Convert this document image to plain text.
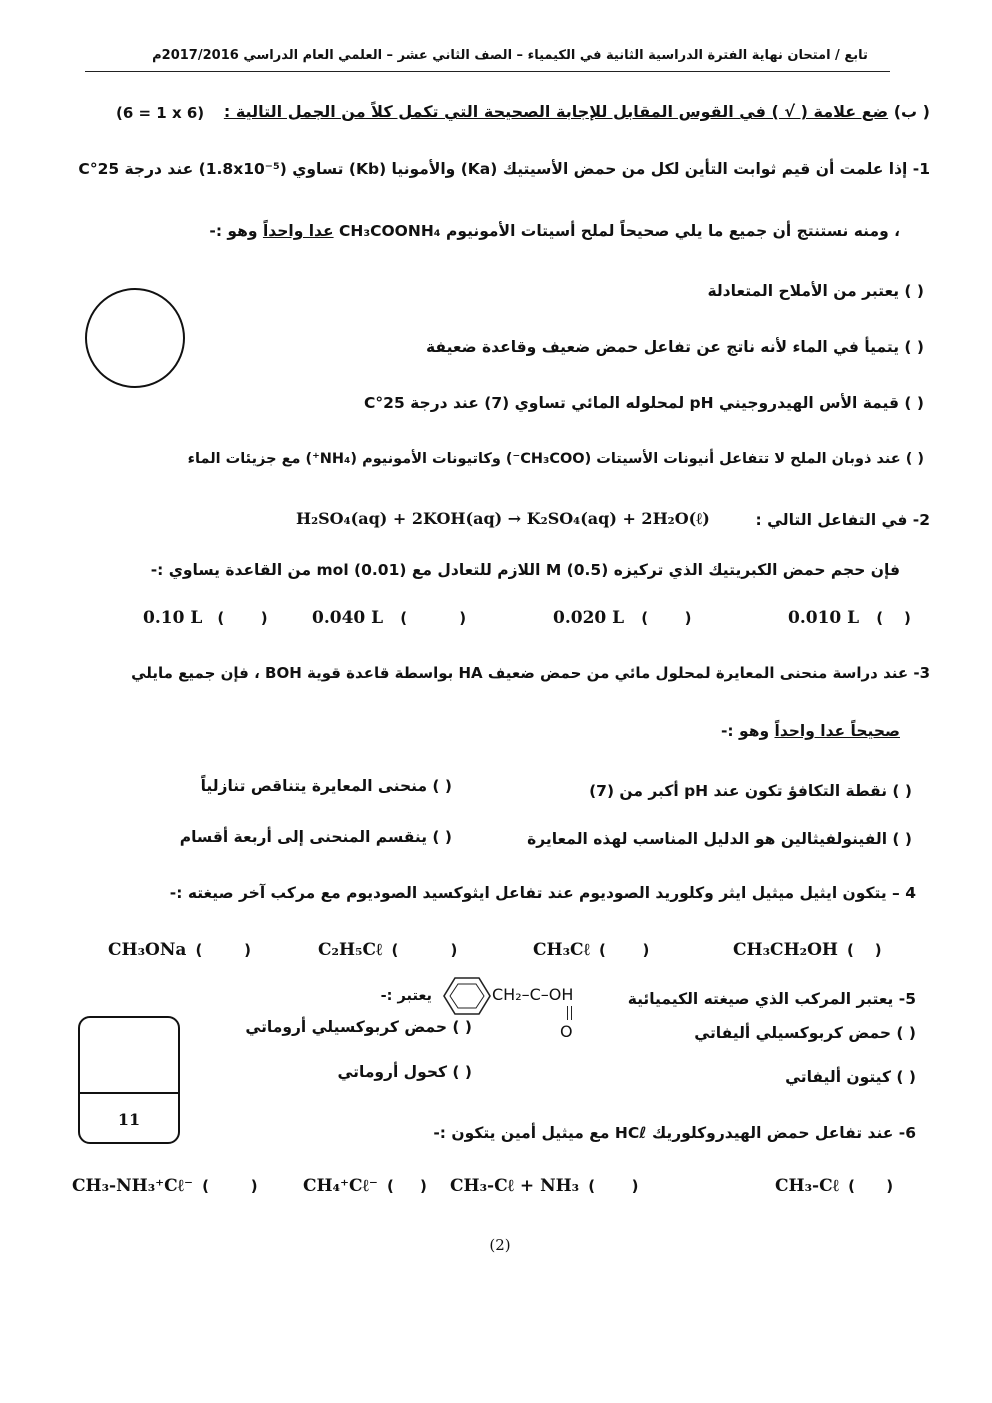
تابع / امتحان نهاية الفترة الدراسية الثانية في الكيمياء – الصف الثاني عشر – العلمي العام الدراسي 2017/2016م
( ب) ضع علامة ( √ ) في القوس المقابل للإجابة الصحيحة التي تكمل كلاً من الجمل التالية :
(6 = 1 x 6)
1- إذا علمت أن قيم ثوابت التأين لكل من حمض الأسيتيك (Ka) والأمونيا (Kb) تساوي (1.8x10⁻⁵) عند درجة 25°C
، ومنه نستنتج أن جميع ما يلي صحيحاً لملح أسيتات الأمونيوم CH₃COONH₄ عدا واحداً وهو :-
( ) يعتبر من الأملاح المتعادلة
( ) يتميأ في الماء لأنه ناتج عن تفاعل حمض ضعيف وقاعدة ضعيفة
( ) قيمة الأس الهيدروجيني pH لمحلوله المائي تساوي (7) عند درجة 25°C
( ) عند ذوبان الملح لا تتفاعل أنيونات الأسيتات (CH₃COO⁻) وكاتيونات الأمونيوم (NH₄⁺) مع جزيئات الماء
2- في التفاعل التالي :
H₂SO₄(aq) + 2KOH(aq) → K₂SO₄(aq) + 2H₂O(ℓ)
فإن حجم حمض الكبريتيك الذي تركيزه M (0.5) اللازم للتعادل مع mol (0.01) من القاعدة يساوي :-
0.010 L (    )
0.020 L (       )
0.040 L (          )
0.10 L (       )
3- عند دراسة منحنى المعايرة لمحلول مائي من حمض ضعيف HA بواسطة قاعدة قوية BOH ، فإن جميع مايلي
صحيحاً عدا واحداً وهو :-
( ) نقطة التكافؤ تكون عند pH أكبر من (7)
( ) منحنى المعايرة يتناقص تنازلياً
( ) الفينولفيثالين هو الدليل المناسب لهذه المعايرة
( ) ينقسم المنحنى إلى أربعة أقسام
4 – يتكون ايثيل ميثيل ايثر وكلوريد الصوديوم عند تفاعل ايثوكسيد الصوديوم مع مركب آخر صيغته :-
CH₃CH₂OH (    )
CH₃Cℓ (       )
C₂H₅Cℓ (          )
CH₃ONa (        )
5- يعتبر المركب الذي صيغته الكيميائية
يعتبر :-	CH₂–C–OH
O	( ) حمض كربوكسيلي أليفاتي
( ) حمض كربوكسيلي أروماتي
( ) كيتون أليفاتي
( ) كحول أروماتي
11
6- عند تفاعل حمض الهيدروكلوريك HCℓ مع ميثيل أمين يتكون :-
CH₃-Cℓ (      )
CH₃-Cℓ + NH₃ (       )
CH₄⁺Cℓ⁻ (     )
CH₃-NH₃⁺Cℓ⁻ (        )
(2)
